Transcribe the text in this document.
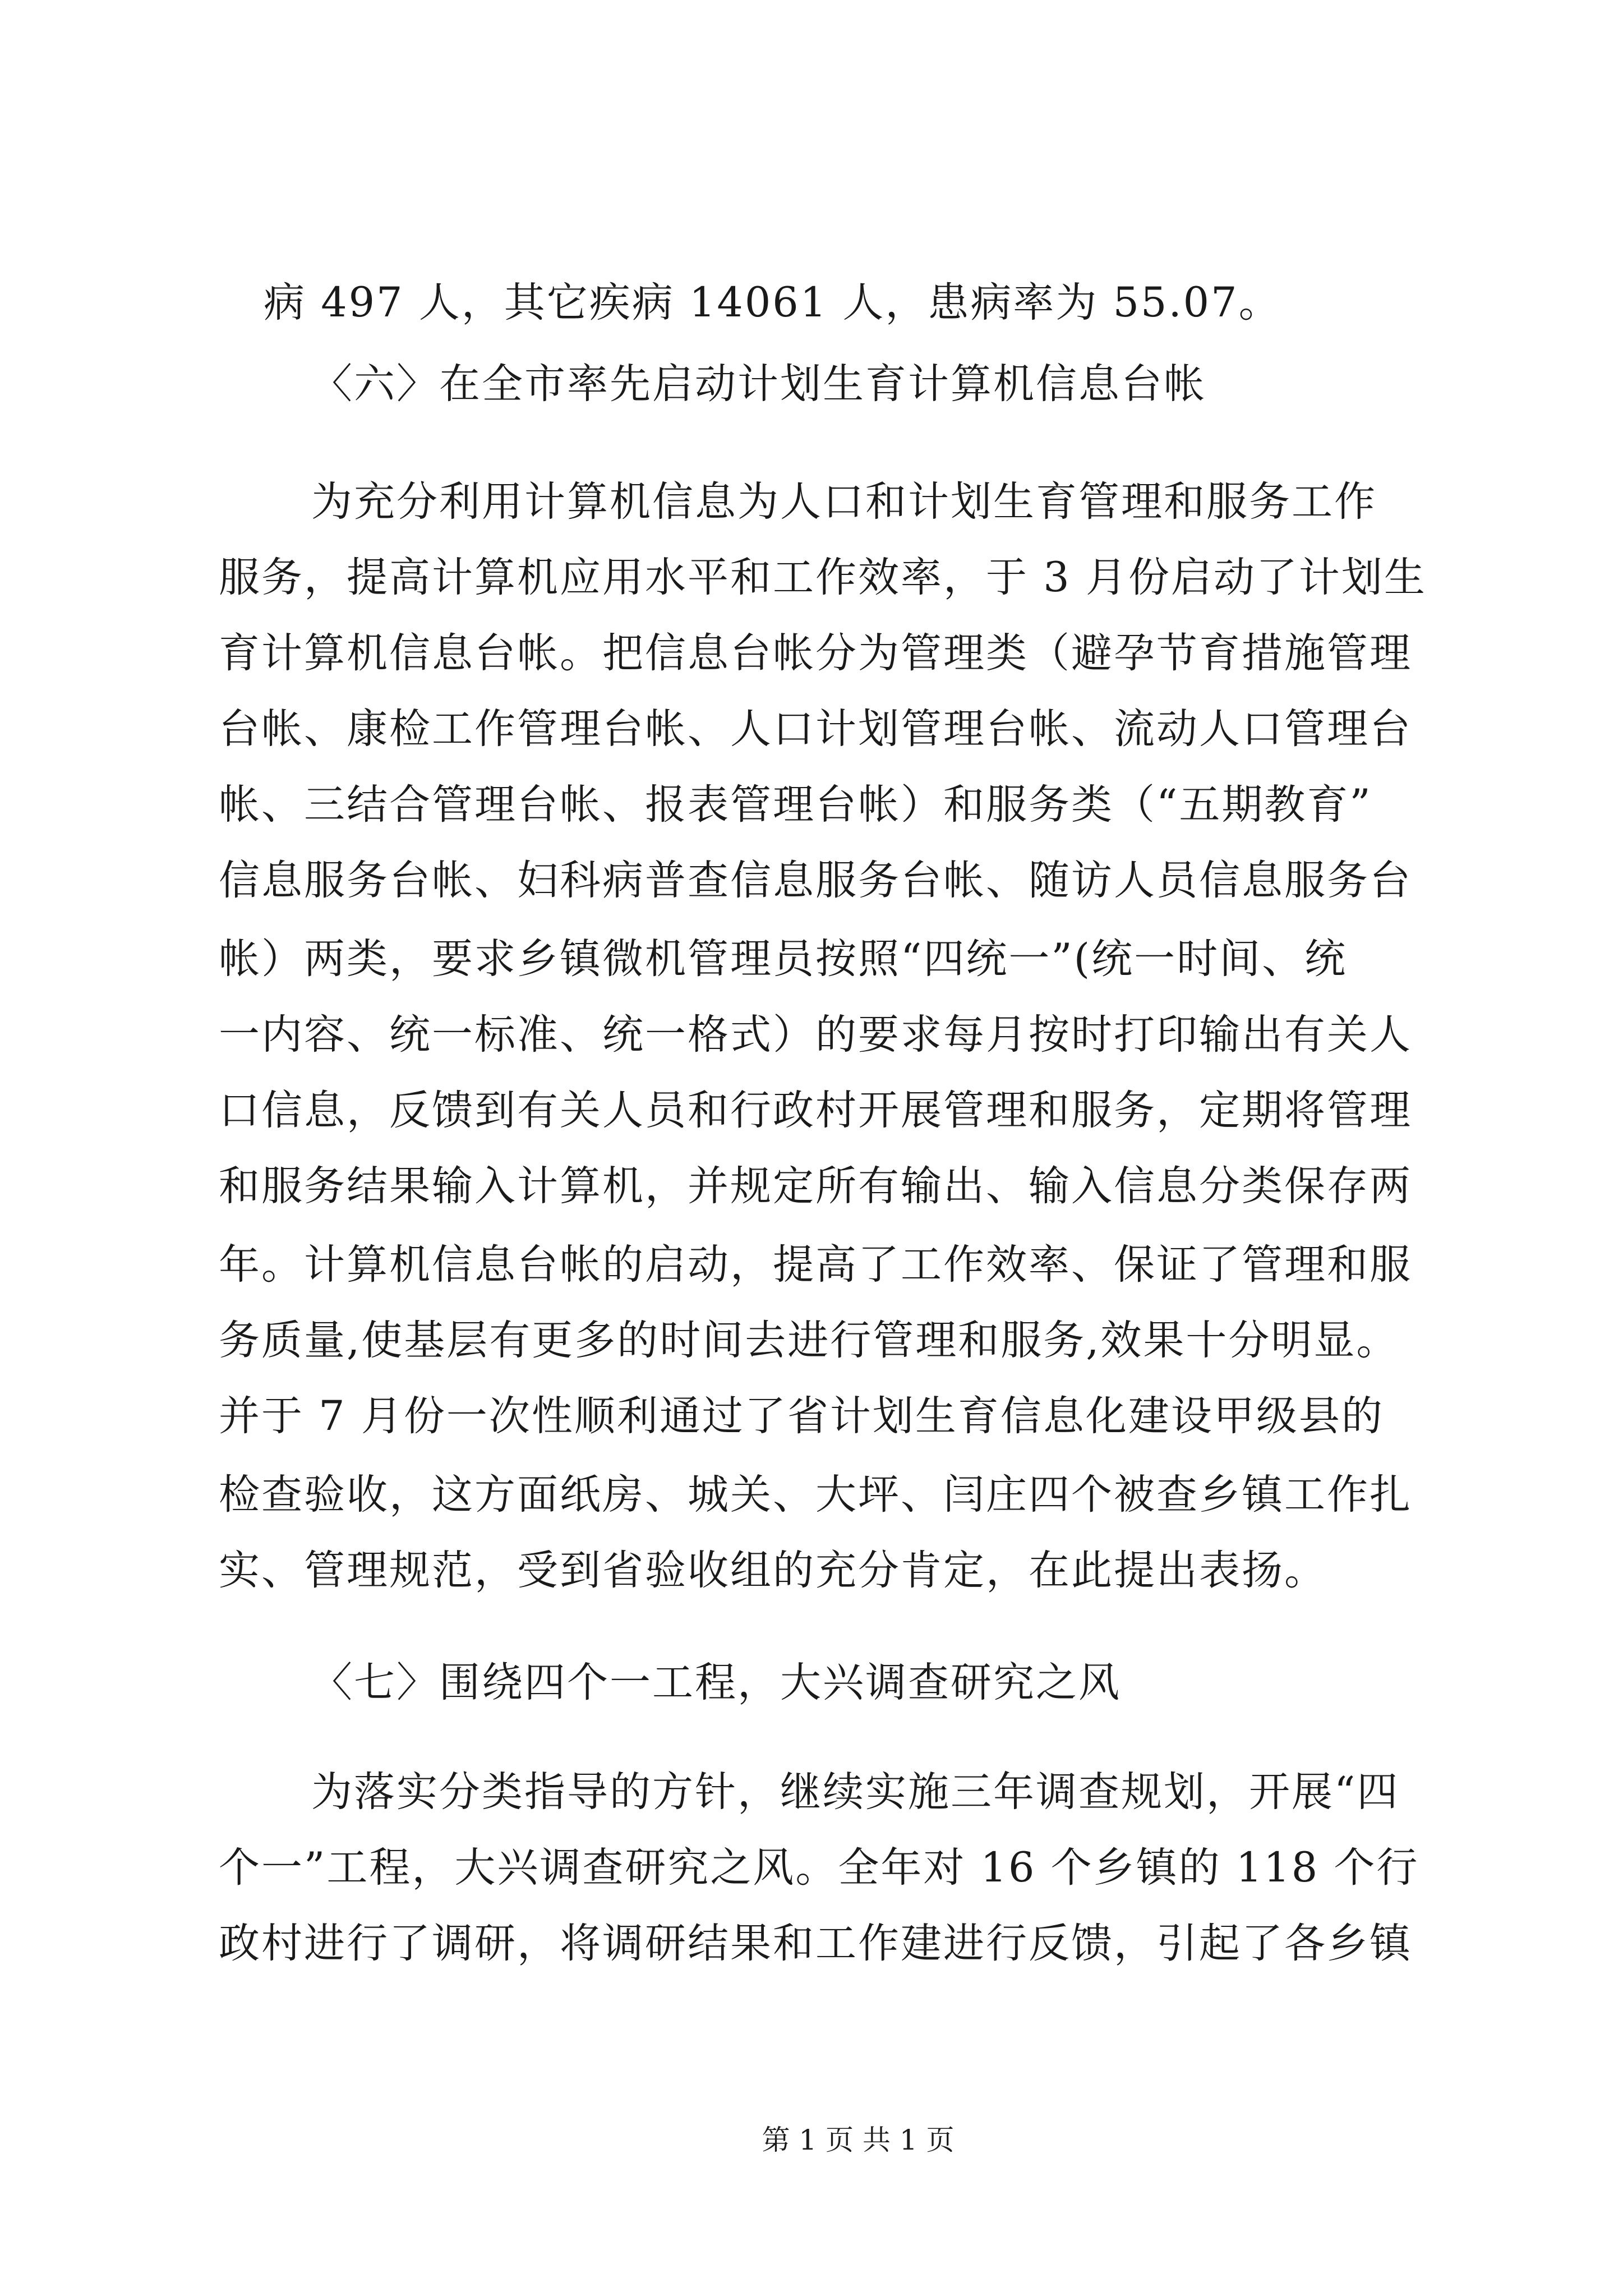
病 497 人，其它疾病 14061 人，患病率为 55.07。
〈六〉在全市率先启动计划生育计算机信息台帐
为充分利用计算机信息为人口和计划生育管理和服务工作
服务，提高计算机应用水平和工作效率，于 3 月份启动了计划生
育计算机信息台帐。把信息台帐分为管理类（避孕节育措施管理
台帐、康检工作管理台帐、人口计划管理台帐、流动人口管理台
帐、三结合管理台帐、报表管理台帐）和服务类（“五期教育”
信息服务台帐、妇科病普查信息服务台帐、随访人员信息服务台
帐）两类，要求乡镇微机管理员按照“四统一”(统一时间、统
一内容、统一标准、统一格式）的要求每月按时打印输出有关人
口信息，反馈到有关人员和行政村开展管理和服务，定期将管理
和服务结果输入计算机，并规定所有输出、输入信息分类保存两
年。计算机信息台帐的启动，提高了工作效率、保证了管理和服
务质量,使基层有更多的时间去进行管理和服务,效果十分明显。
并于 7 月份一次性顺利通过了省计划生育信息化建设甲级县的
检查验收，这方面纸房、城关、大坪、闫庄四个被查乡镇工作扎
实、管理规范，受到省验收组的充分肯定，在此提出表扬。
〈七〉围绕四个一工程，大兴调查研究之风
为落实分类指导的方针，继续实施三年调查规划，开展“四
个一”工程，大兴调查研究之风。全年对 16 个乡镇的 118 个行
政村进行了调研，将调研结果和工作建进行反馈，引起了各乡镇
第 1 页 共 1 页
